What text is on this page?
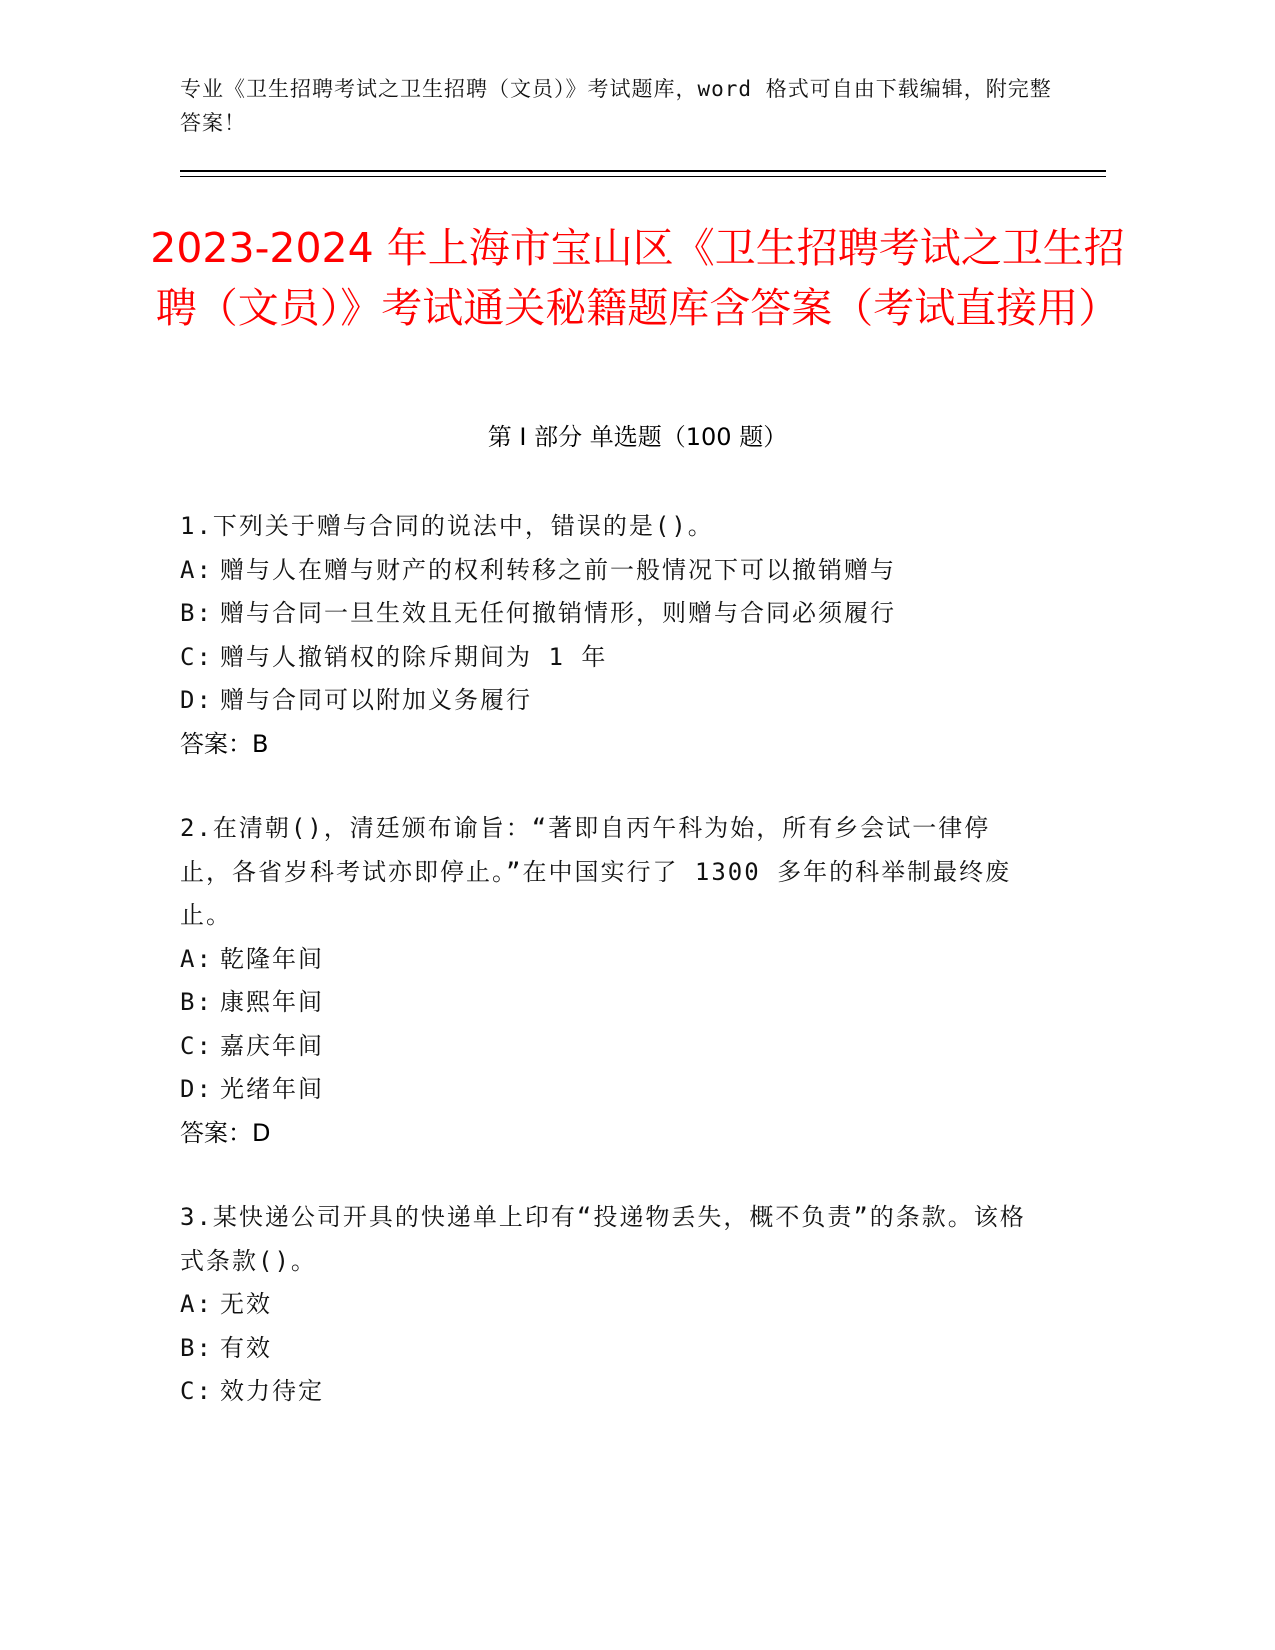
专业《卫生招聘考试之卫生招聘（文员）》考试题库，word 格式可自由下载编辑，附完整答案！
2023-2024 年上海市宝山区《卫生招聘考试之卫生招聘（文员）》考试通关秘籍题库含答案（考试直接用）
第 I 部分 单选题（100 题）

1.下列关于赠与合同的说法中，错误的是()。

A: 赠与人在赠与财产的权利转移之前一般情况下可以撤销赠与

B: 赠与合同一旦生效且无任何撤销情形，则赠与合同必须履行

C: 赠与人撤销权的除斥期间为 1 年

D: 赠与合同可以附加义务履行

答案：B

2.在清朝()，清廷颁布谕旨：“著即自丙午科为始，所有乡会试一律停止，各省岁科考试亦即停止。”在中国实行了 1300 多年的科举制最终废止。

A: 乾隆年间

B: 康熙年间

C: 嘉庆年间

D: 光绪年间

答案：D

3.某快递公司开具的快递单上印有“投递物丢失，概不负责”的条款。该格式条款()。

A: 无效

B: 有效

C: 效力待定
